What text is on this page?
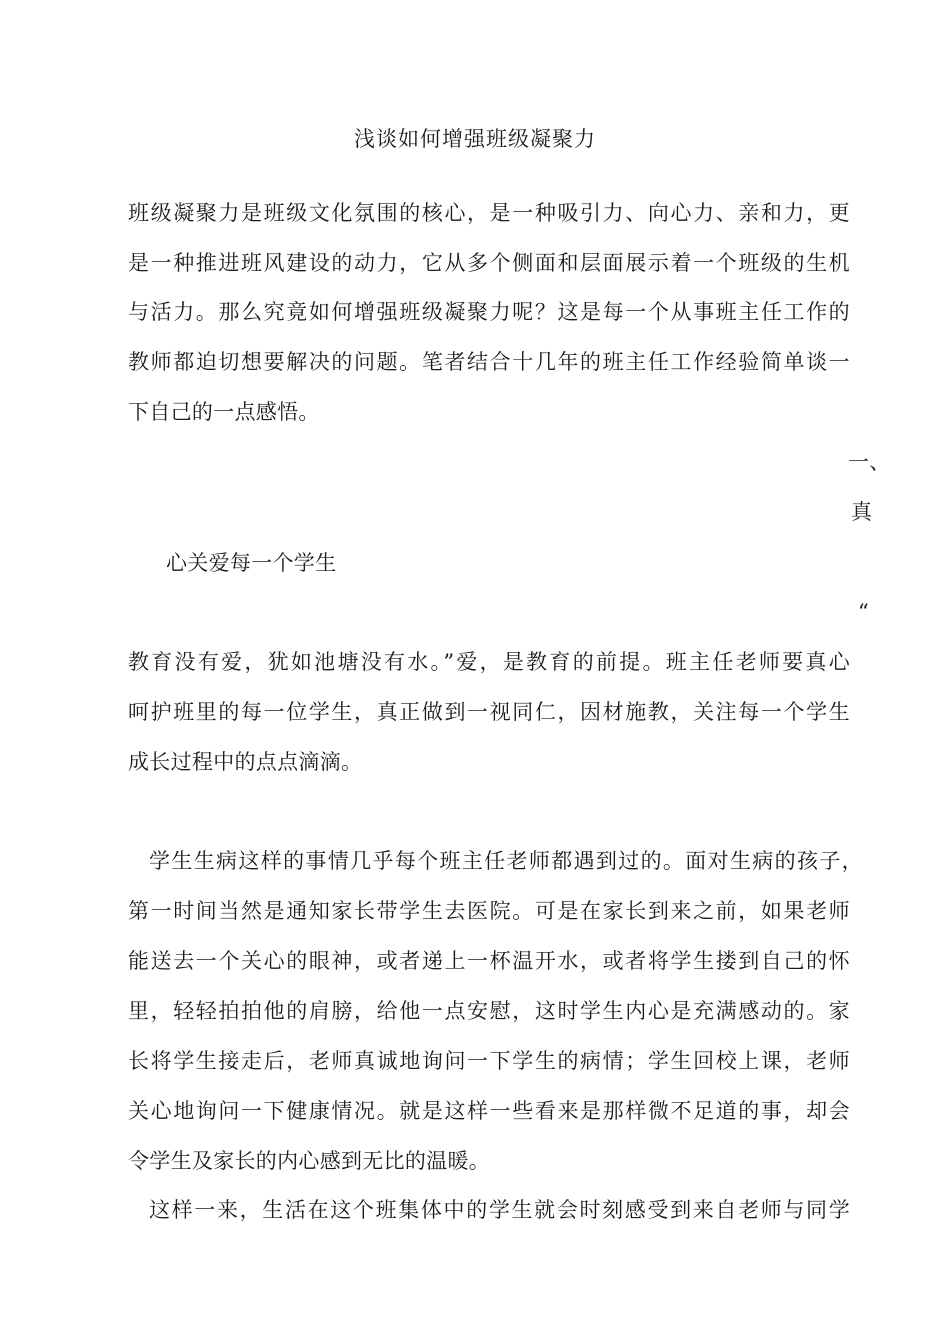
浅谈如何增强班级凝聚力
班级凝聚力是班级文化氛围的核心，是一种吸引力、向心力、亲和力，更
是一种推进班风建设的动力，它从多个侧面和层面展示着一个班级的生机
与活力。那么究竟如何增强班级凝聚力呢？这是每一个从事班主任工作的
教师都迫切想要解决的问题。笔者结合十几年的班主任工作经验简单谈一
下自己的一点感悟。
一、
真
心关爱每一个学生
“
教育没有爱，犹如池塘没有水。”爱，是教育的前提。班主任老师要真心
呵护班里的每一位学生，真正做到一视同仁，因材施教，关注每一个学生
成长过程中的点点滴滴。
学生生病这样的事情几乎每个班主任老师都遇到过的。面对生病的孩子，
第一时间当然是通知家长带学生去医院。可是在家长到来之前，如果老师
能送去一个关心的眼神，或者递上一杯温开水，或者将学生搂到自己的怀
里，轻轻拍拍他的肩膀，给他一点安慰，这时学生内心是充满感动的。家
长将学生接走后，老师真诚地询问一下学生的病情；学生回校上课，老师
关心地询问一下健康情况。就是这样一些看来是那样微不足道的事，却会
令学生及家长的内心感到无比的温暖。
这样一来，生活在这个班集体中的学生就会时刻感受到来自老师与同学
